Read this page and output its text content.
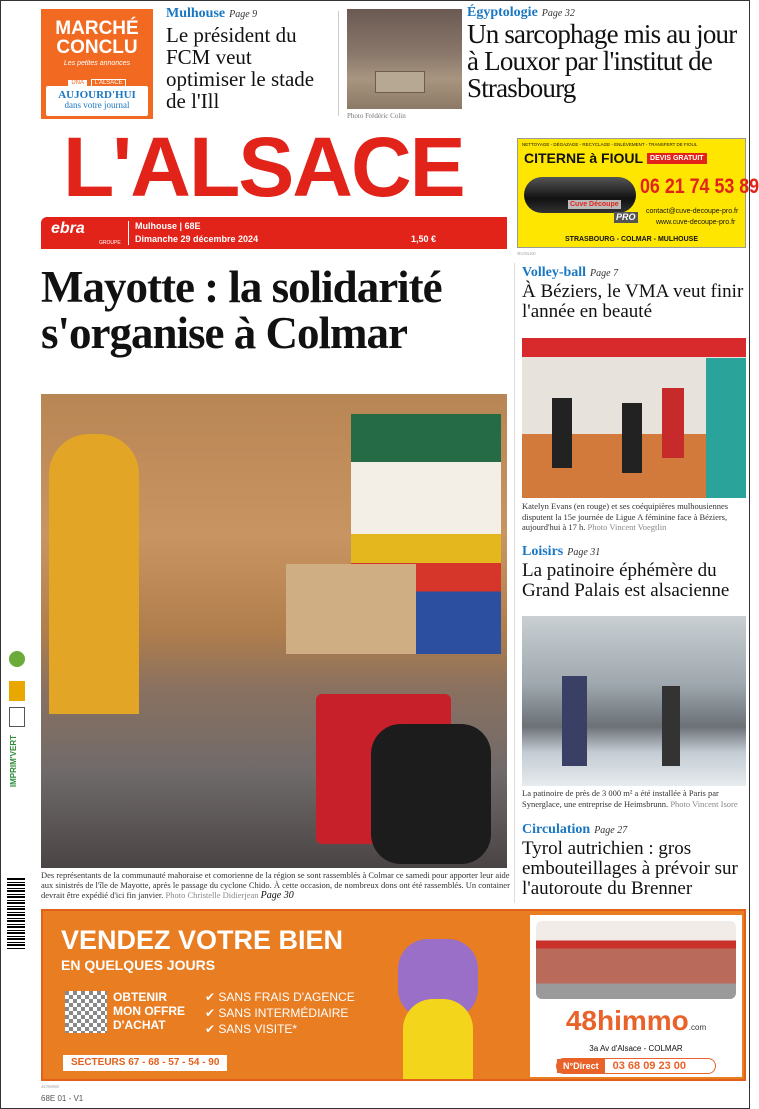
IMPRIM'VERT
MARCHÉ
CONCLU
Les petites annonces
DNA L'ALSACE
AUJOURD'HUI
dans votre journal
Mulhouse Page 9
Le président du FCM veut optimiser le stade de l'Ill
Photo Frédéric Colin
Égyptologie Page 32
Un sarcophage mis au jour à Louxor par l'institut de Strasbourg
L'ALSACE
ebra
GROUPE
Mulhouse | 68E
Dimanche 29 décembre 2024	1,50 €
NETTOYAGE - DÉGAZAGE - RECYCLAGE - ENLÈVEMENT - TRANSFERT DE FIOUL
CITERNE à FIOUL	DEVIS GRATUIT
Cuve Découpe
PRO
06 21 74 53 89
contact@cuve-decoupe-pro.fr
www.cuve-decoupe-pro.fr
STRASBOURG - COLMAR - MULHOUSE
9E2582200
Mayotte : la solidarité s'organise à Colmar
Des représentants de la communauté mahoraise et comorienne de la région se sont rassemblés à Colmar ce samedi pour apporter leur aide aux sinistrés de l'île de Mayotte, après le passage du cyclone Chido. À cette occasion, de nombreux dons ont été rassemblés. Un container devrait être expédié d'ici fin janvier. Photo Christelle Didierjean Page 30
Volley-ball Page 7
À Béziers, le VMA veut finir l'année en beauté
Katelyn Evans (en rouge) et ses coéquipières mulhousiennes disputent la 15e journée de Ligue A féminine face à Béziers, aujourd'hui à 17 h. Photo Vincent Voegtlin
Loisirs Page 31
La patinoire éphémère du Grand Palais est alsacienne
La patinoire de près de 3 000 m² a été installée à Paris par Synerglace, une entreprise de Heimsbrunn. Photo Vincent Isore
Circulation Page 27
Tyrol autrichien : gros embouteillages à prévoir sur l'autoroute du Brenner
VENDEZ VOTRE BIEN
EN QUELQUES JOURS
OBTENIR
MON OFFRE
D'ACHAT
✔ SANS FRAIS D'AGENCE
✔ SANS INTERMÉDIAIRE
✔ SANS VISITE*
SECTEURS 67 - 68 - 57 - 54 - 90
48himmo.com
3a Av d'Alsace - COLMAR
N°Direct	03 68 09 23 00
441960800
68E 01 - V1
